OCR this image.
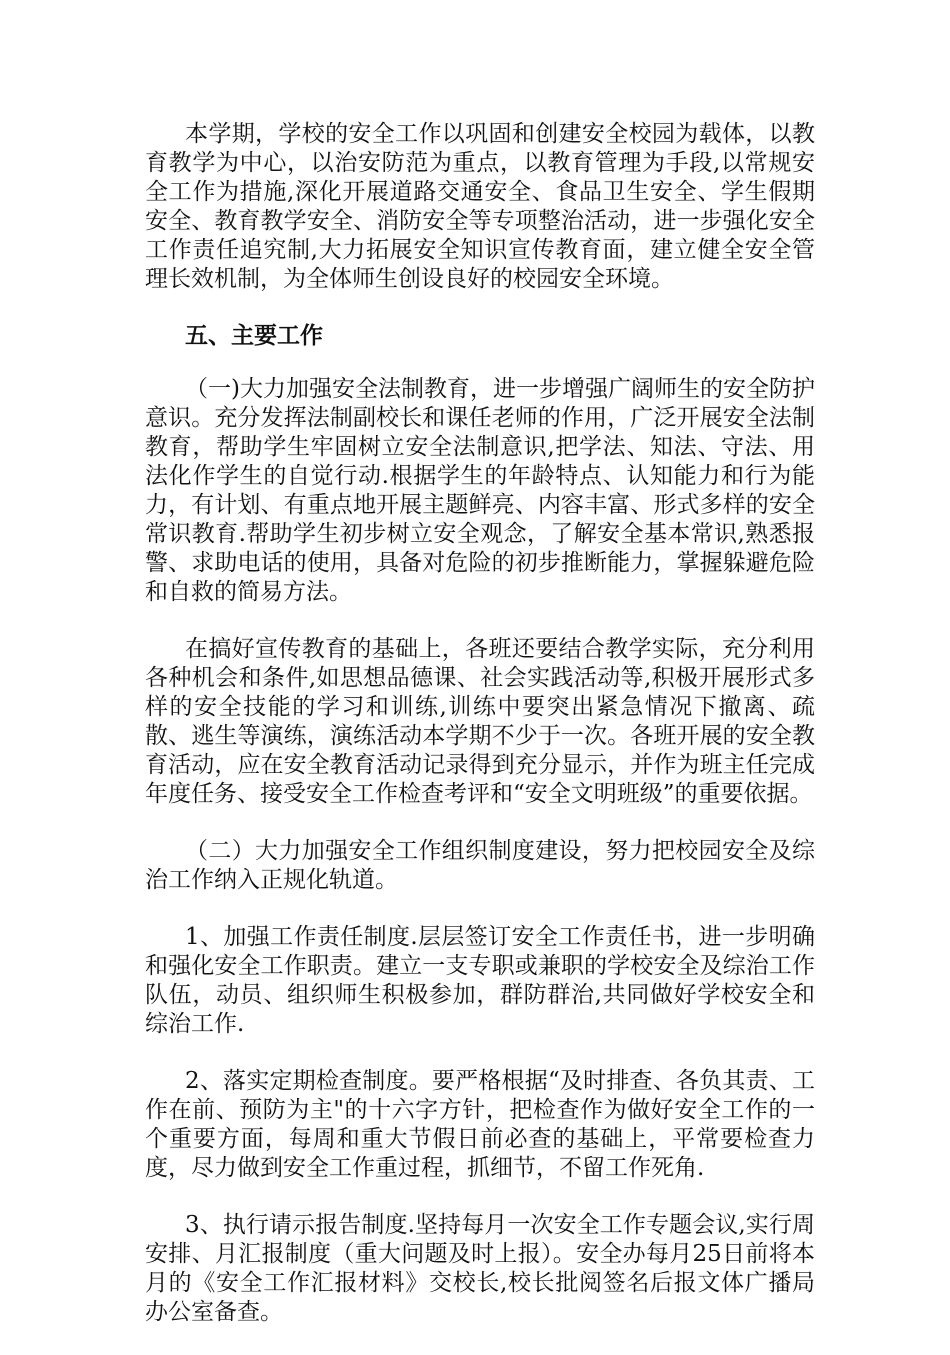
本学期，学校的安全工作以巩固和创建安全校园为载体，以教育教学为中心，以治安防范为重点，以教育管理为手段,以常规安全工作为措施,深化开展道路交通安全、食品卫生安全、学生假期安全、教育教学安全、消防安全等专项整治活动，进一步强化安全工作责任追究制,大力拓展安全知识宣传教育面，建立健全安全管理长效机制，为全体师生创设良好的校园安全环境。

五、主要工作

（一)大力加强安全法制教育，进一步增强广阔师生的安全防护意识。充分发挥法制副校长和课任老师的作用，广泛开展安全法制教育，帮助学生牢固树立安全法制意识,把学法、知法、守法、用法化作学生的自觉行动.根据学生的年龄特点、认知能力和行为能力，有计划、有重点地开展主题鲜亮、内容丰富、形式多样的安全常识教育.帮助学生初步树立安全观念，了解安全基本常识,熟悉报警、求助电话的使用，具备对危险的初步推断能力，掌握躲避危险和自救的简易方法。

在搞好宣传教育的基础上，各班还要结合教学实际，充分利用各种机会和条件,如思想品德课、社会实践活动等,积极开展形式多样的安全技能的学习和训练,训练中要突出紧急情况下撤离、疏散、逃生等演练，演练活动本学期不少于一次。各班开展的安全教育活动，应在安全教育活动记录得到充分显示，并作为班主任完成年度任务、接受安全工作检查考评和“安全文明班级”的重要依据。

（二）大力加强安全工作组织制度建设，努力把校园安全及综治工作纳入正规化轨道。

1、加强工作责任制度.层层签订安全工作责任书，进一步明确和强化安全工作职责。建立一支专职或兼职的学校安全及综治工作队伍，动员、组织师生积极参加，群防群治,共同做好学校安全和综治工作.

2、落实定期检查制度。要严格根据“及时排查、各负其责、工作在前、预防为主"的十六字方针，把检查作为做好安全工作的一个重要方面，每周和重大节假日前必查的基础上，平常要检查力度，尽力做到安全工作重过程，抓细节，不留工作死角.

3、执行请示报告制度.坚持每月一次安全工作专题会议,实行周安排、月汇报制度（重大问题及时上报）。安全办每月25日前将本月的《安全工作汇报材料》交校长,校长批阅签名后报文体广播局办公室备查。
